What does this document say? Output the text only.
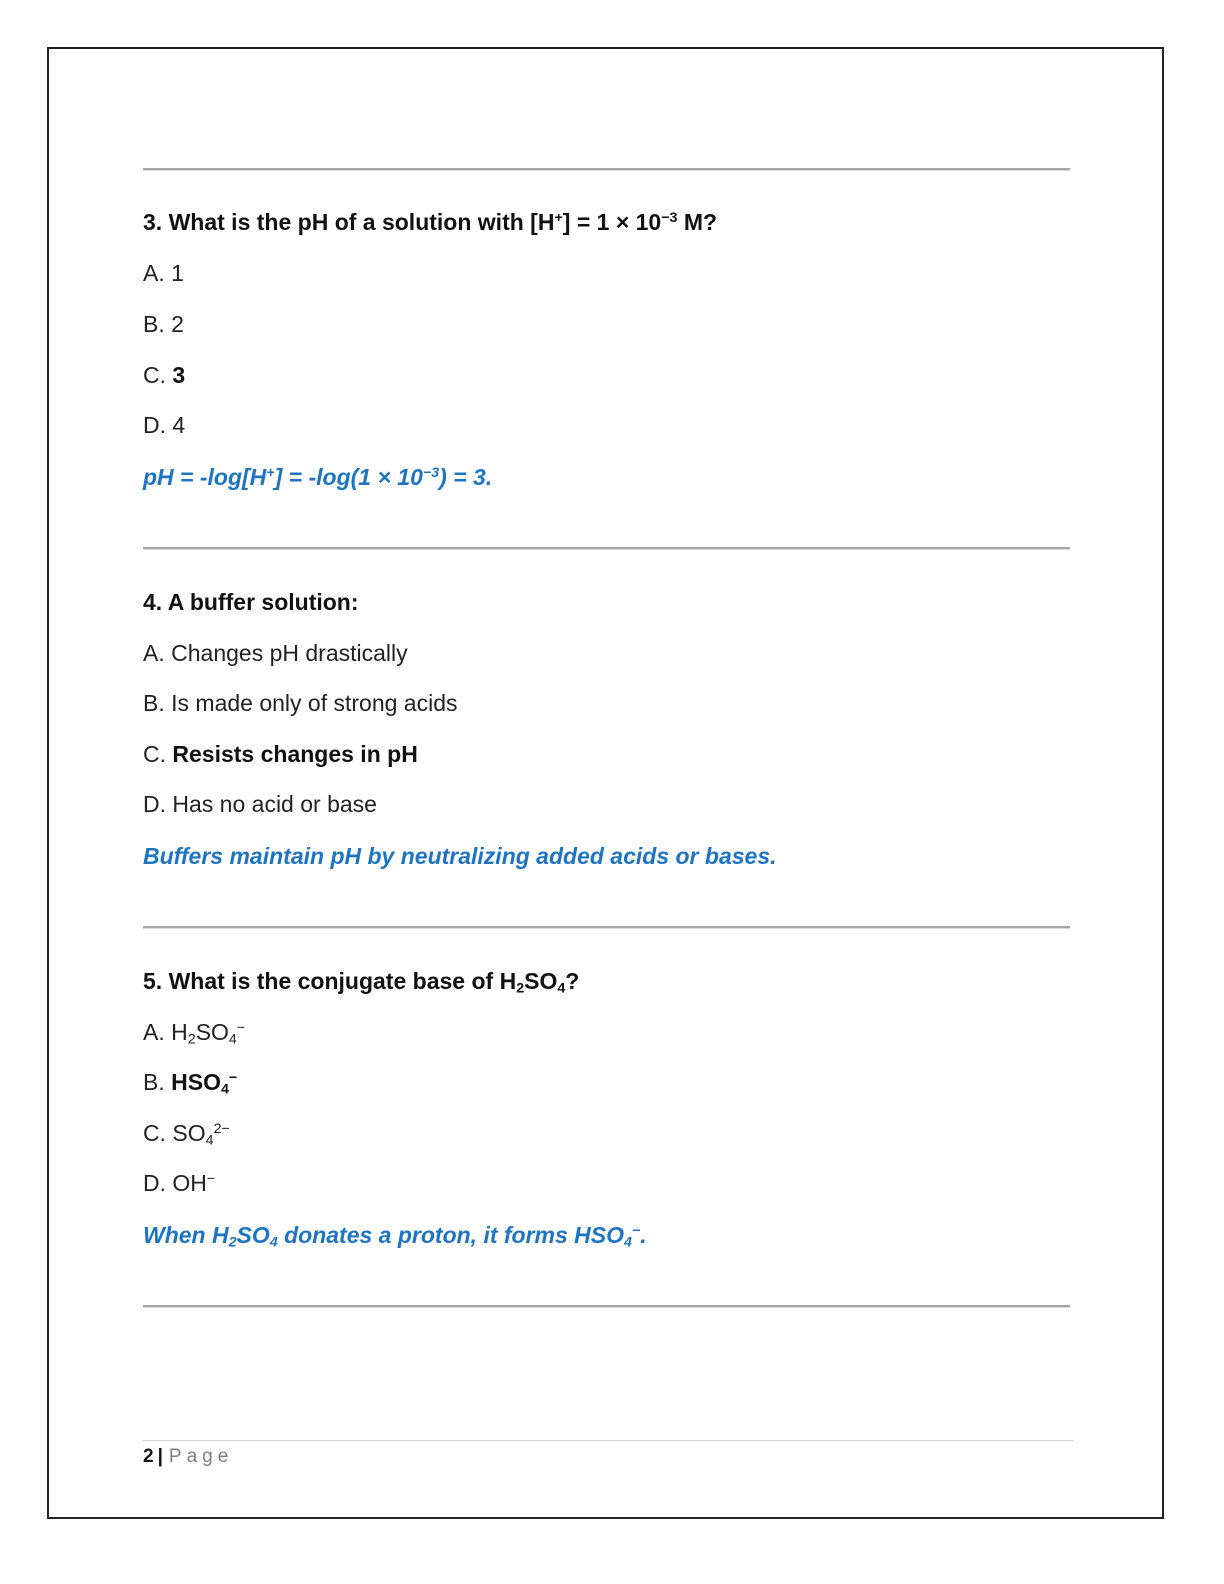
3. What is the pH of a solution with $[H^+] = 1 \times 10^{-3}$ M?
A. 1
B. 2
C. 3
D. 4
pH = $-\log[H^+] = -\log(1 \times 10^{-3}) = 3$.
4. A buffer solution:
A. Changes pH drastically
B. Is made only of strong acids
C. Resists changes in pH
D. Has no acid or base
Buffers maintain pH by neutralizing added acids or bases.
5. What is the conjugate base of $H_2SO_4$?
A. $H_2SO_4^-$
B. $HSO_4^-$
C. $SO_4^{2-}$
D. OH−
When $H_2SO_4$ donates a proton, it forms $HSO_4^-$.
2 | Page
